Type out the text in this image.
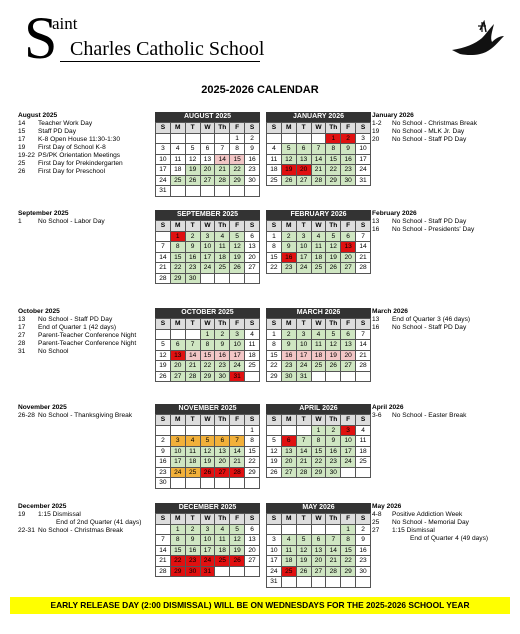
S
aint
Charles Catholic School
2025-2026 CALENDAR
August 2025
14 Teacher Work Day
15 Staff PD Day
17 K-8 Open House 11:30-1:30
19 First Day of School K-8
19-22 PS/PK Orientation Meetings
25 First Day for Prekindergarten
26 First Day for Preschool
September 2025
1 No School - Labor Day
October 2025
13 No School - Staff PD Day
17 End of Quarter 1 (42 days)
27 Parent-Teacher Conference Night
28 Parent-Teacher Conference Night
31 No School
November 2025
26-28 No School - Thanksgiving Break
December 2025
19 1:15 Dismissal
End of 2nd Quarter (41 days)
22-31 No School - Christmas Break
January 2026
1-2 No School - Christmas Break
19 No School - MLK Jr. Day
20 No School - Staff PD Day
February 2026
13 No School - Staff PD Day
16 No School - Presidents' Day
March 2026
13 End of Quarter 3 (46 days)
16 No School - Staff PD Day
April 2026
3-6 No School - Easter Break
May 2026
4-8 Positive Addiction Week
25 No School - Memorial Day
27 1:15 Dismissal
End of Quarter 4 (49 days)
AUGUST 2025
S	M	T	W	Th	F	S
					1	2
3	4	5	6	7	8	9
10	11	12	13	14	15	16
17	18	19	20	21	22	23
24	25	26	27	28	29	30
31						
JANUARY 2026
S	M	T	W	Th	F	S
				1	2	3
4	5	6	7	8	9	10
11	12	13	14	15	16	17
18	19	20	21	22	23	24
25	26	27	28	29	30	31
SEPTEMBER 2025
S	M	T	W	Th	F	S
	1	2	3	4	5	6
7	8	9	10	11	12	13
14	15	16	17	18	19	20
21	22	23	24	25	26	27
28	29	30				
FEBRUARY 2026
S	M	T	W	Th	F	S
1	2	3	4	5	6	7
8	9	10	11	12	13	14
15	16	17	18	19	20	21
22	23	24	25	26	27	28
OCTOBER 2025
S	M	T	W	Th	F	S
			1	2	3	4
5	6	7	8	9	10	11
12	13	14	15	16	17	18
19	20	21	22	23	24	25
26	27	28	29	30	31	
MARCH 2026
S	M	T	W	Th	F	S
1	2	3	4	5	6	7
8	9	10	11	12	13	14
15	16	17	18	19	20	21
22	23	24	25	26	27	28
29	30	31				
NOVEMBER 2025
S	M	T	W	Th	F	S
						1
2	3	4	5	6	7	8
9	10	11	12	13	14	15
16	17	18	19	20	21	22
23	24	25	26	27	28	29
30						
APRIL 2026
S	M	T	W	Th	F	S
			1	2	3	4
5	6	7	8	9	10	11
12	13	14	15	16	17	18
19	20	21	22	23	24	25
26	27	28	29	30		
DECEMBER 2025
S	M	T	W	Th	F	S
	1	2	3	4	5	6
7	8	9	10	11	12	13
14	15	16	17	18	19	20
21	22	23	24	25	26	27
28	29	30	31			
MAY 2026
S	M	T	W	Th	F	S
					1	2
3	4	5	6	7	8	9
10	11	12	13	14	15	16
17	18	19	20	21	22	23
24	25	26	27	28	29	30
31						
EARLY RELEASE DAY (2:00 DISMISSAL) WILL BE ON WEDNESDAYS FOR THE 2025-2026 SCHOOL YEAR
